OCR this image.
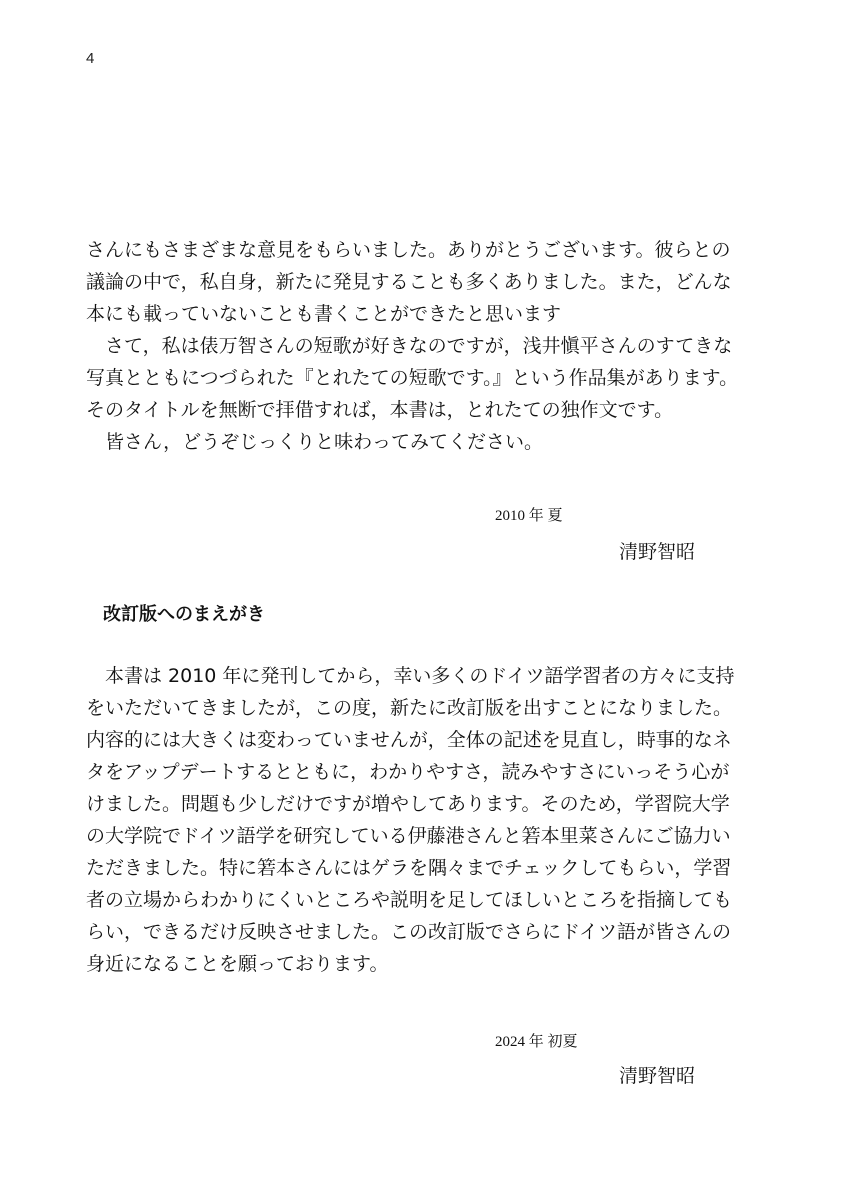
4
さんにもさまざまな意見をもらいました。ありがとうございます。彼らとの
議論の中で，私自身，新たに発見することも多くありました。また，どんな
本にも載っていないことも書くことができたと思います
さて，私は俵万智さんの短歌が好きなのですが，浅井愼平さんのすてきな
写真とともにつづられた『とれたての短歌です。』という作品集があります。
そのタイトルを無断で拝借すれば，本書は，とれたての独作文です。
皆さん，どうぞじっくりと味わってみてください。
2010 年 夏
清野智昭
改訂版へのまえがき
本書は 2010 年に発刊してから，幸い多くのドイツ語学習者の方々に支持
をいただいてきましたが，この度，新たに改訂版を出すことになりました。
内容的には大きくは変わっていませんが，全体の記述を見直し，時事的なネ
タをアップデートするとともに，わかりやすさ，読みやすさにいっそう心が
けました。問題も少しだけですが増やしてあります。そのため，学習院大学
の大学院でドイツ語学を研究している伊藤港さんと箬本里菜さんにご協力い
ただきました。特に箬本さんにはゲラを隅々までチェックしてもらい，学習
者の立場からわかりにくいところや説明を足してほしいところを指摘しても
らい，できるだけ反映させました。この改訂版でさらにドイツ語が皆さんの
身近になることを願っております。
2024 年 初夏
清野智昭
